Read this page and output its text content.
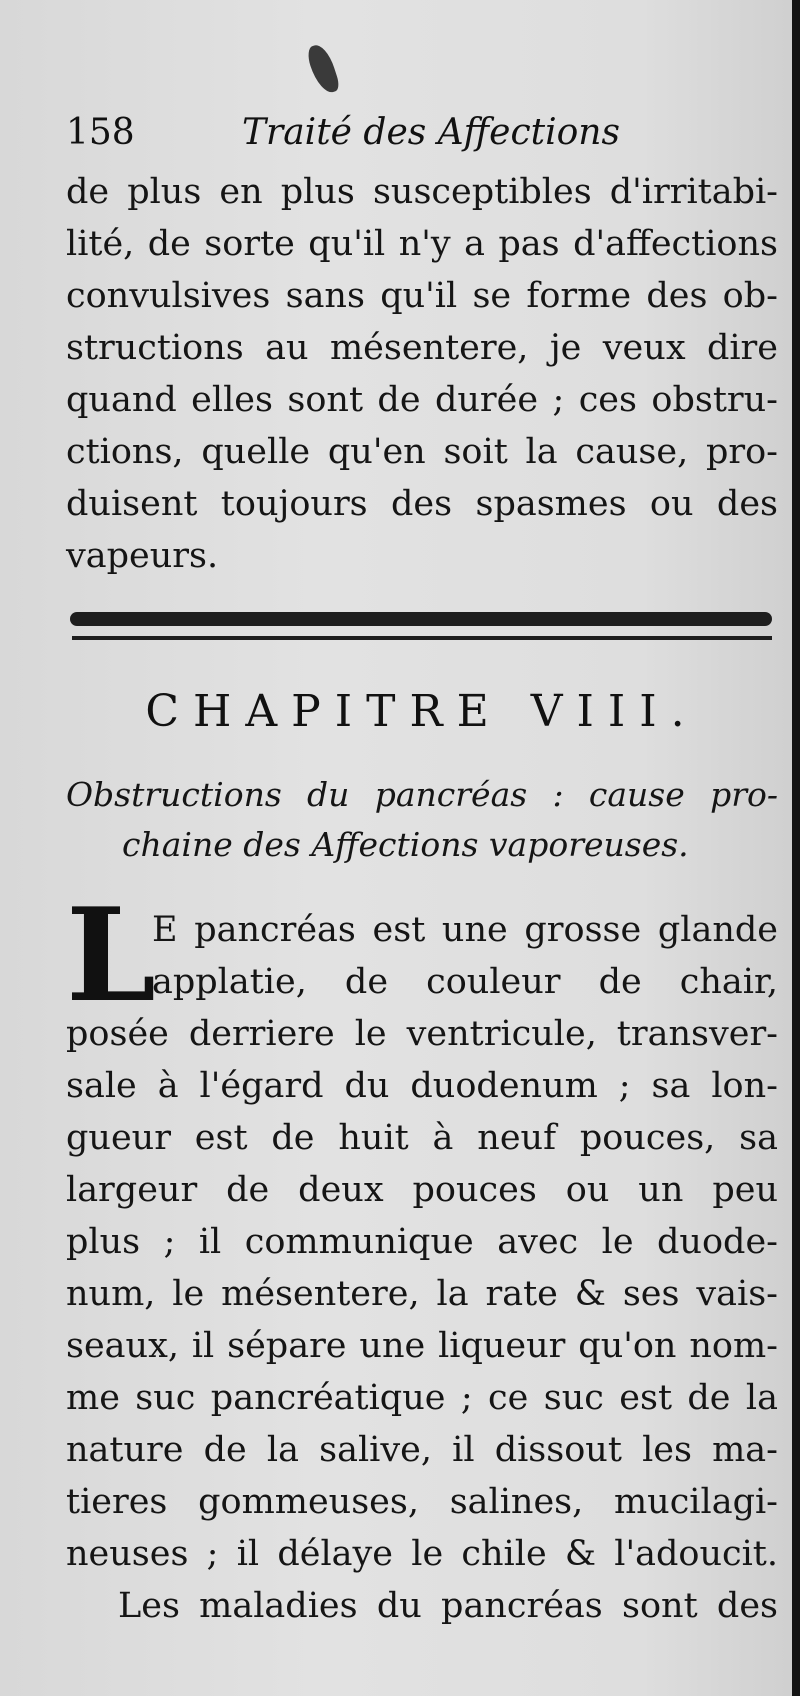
158	Traité des Affections
de plus en plus susceptibles d'irritabi-
lité, de sorte qu'il n'y a pas d'affections
convulsives sans qu'il se forme des ob-
structions au mésentere, je veux dire
quand elles sont de durée ; ces obstru-
ctions, quelle qu'en soit la cause, pro-
duisent toujours des spasmes ou des
vapeurs.
CHAPITRE VIII.
Obstructions du pancréas : cause pro-
chaine des Affections vaporeuses.
L
E pancréas est une grosse glande
applatie, de couleur de chair,
posée derriere le ventricule, transver-
sale à l'égard du duodenum ; sa lon-
gueur est de huit à neuf pouces, sa
largeur de deux pouces ou un peu
plus ; il communique avec le duode-
num, le mésentere, la rate & ses vais-
seaux, il sépare une liqueur qu'on nom-
me suc pancréatique ; ce suc est de la
nature de la salive, il dissout les ma-
tieres gommeuses, salines, mucilagi-
neuses ; il délaye le chile & l'adoucit.
Les maladies du pancréas sont des
